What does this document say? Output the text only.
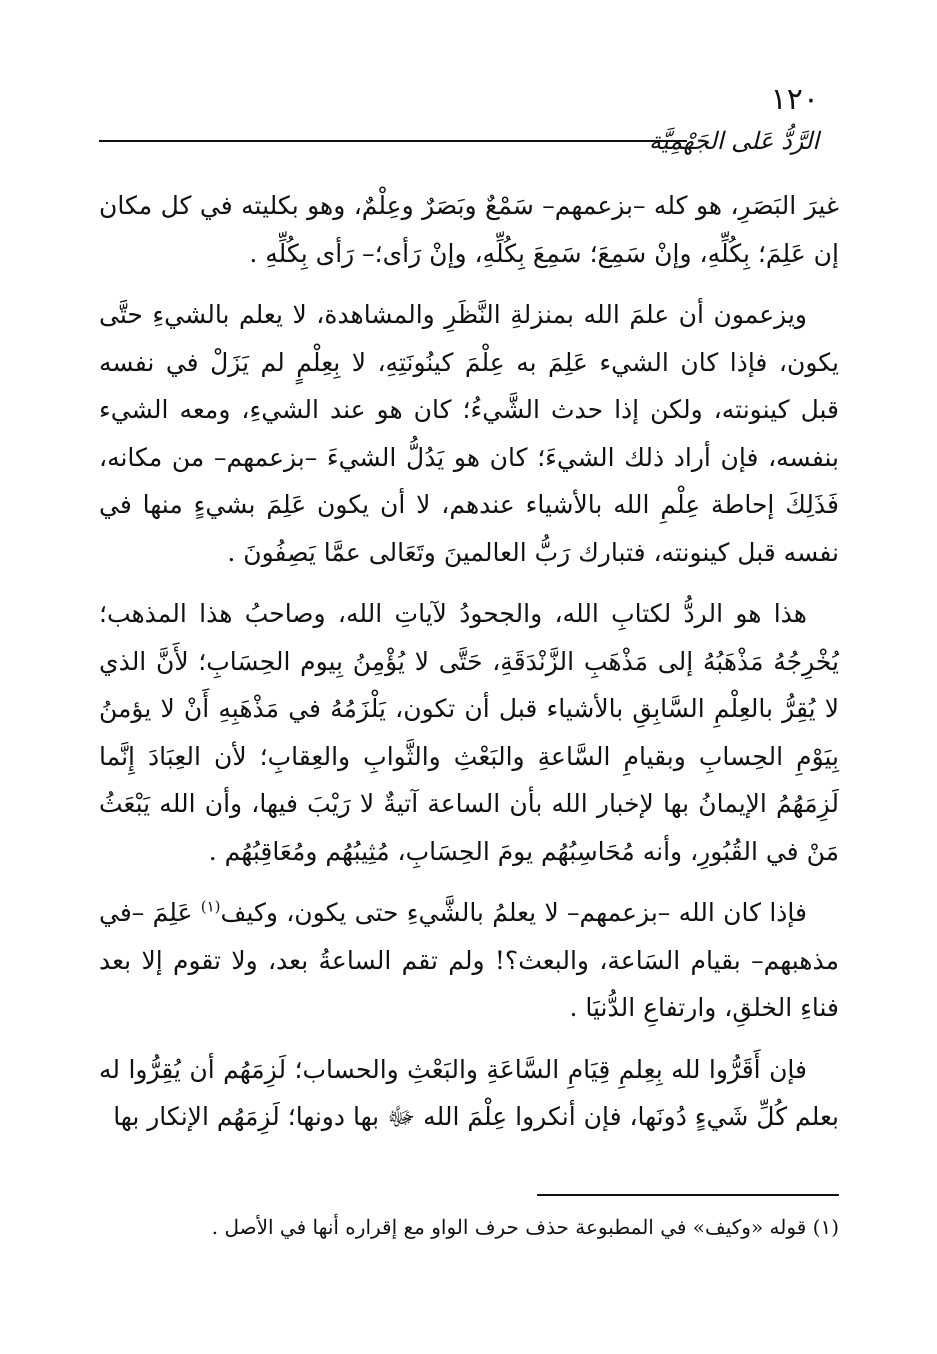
١٢٠
الرَّدُّ عَلى الجَهْمِيَّة

غيرَ البَصَرِ، هو كله –بزعمهم– سَمْعٌ وبَصَرٌ وعِلْمٌ، وهو بكليته في كل مكان إن عَلِمَ؛ بِكُلِّهِ، وإنْ سَمِعَ؛ سَمِعَ بِكُلِّهِ، وإنْ رَأى؛– رَأى بِكُلِّهِ .

ويزعمون أن علمَ الله بمنزلةِ النَّظَرِ والمشاهدة، لا يعلم بالشيءِ حتَّى يكون، فإذا كان الشيء عَلِمَ به عِلْمَ كينُونَتِهِ، لا بِعِلْمٍ لم يَزَلْ في نفسه قبل كينونته، ولكن إذا حدث الشَّيءُ؛ كان هو عند الشيءِ، ومعه الشيء بنفسه، فإن أراد ذلك الشيءَ؛ كان هو يَدُلُّ الشيءَ –بزعمهم– من مكانه، فَذَلِكَ إحاطة عِلْمِ الله بالأشياء عندهم، لا أن يكون عَلِمَ بشيءٍ منها في نفسه قبل كينونته، فتبارك رَبُّ العالمينَ وتَعَالى عمَّا يَصِفُونَ .

هذا هو الردُّ لكتابِ الله، والجحودُ لآياتِ الله، وصاحبُ هذا المذهب؛ يُخْرِجُهُ مَذْهَبُهُ إلى مَذْهَبِ الزَّنْدَقَةِ، حَتَّى لا يُؤْمِنُ بِيوم الحِسَابِ؛ لأَنَّ الذي لا يُقِرُّ بالعِلْمِ السَّابِقِ بالأشياء قبل أن تكون، يَلْزَمُهُ في مَذْهَبِهِ أَنْ لا يؤمنُ بِيَوْمِ الحِسابِ وبقيامِ السَّاعةِ والبَعْثِ والثَّوابِ والعِقابِ؛ لأن العِبَادَ إِنَّما لَزِمَهُمُ الإيمانُ بها لإخبار الله بأن الساعة آتيةٌ لا رَيْبَ فيها، وأن الله يَبْعَثُ مَنْ في القُبُورِ، وأنه مُحَاسِبُهُم يومَ الحِسَابِ، مُثِيبُهُم ومُعَاقِبُهُم .

فإذا كان الله –بزعمهم– لا يعلمُ بالشَّيءِ حتى يكون، وكيف$^{(١)}$ عَلِمَ –في مذهبهم– بقيام السَاعة، والبعث؟! ولم تقم الساعةُ بعد، ولا تقوم إلا بعد فناءِ الخلقِ، وارتفاعِ الدُّنيَا .

فإن أَقَرُّوا لله بِعِلمِ قِيَامِ السَّاعَةِ والبَعْثِ والحساب؛ لَزِمَهُم أن يُقِرُّوا له بعلم كُلِّ شَيءٍ دُونَها، فإن أنكروا عِلْمَ الله ﷻ بها دونها؛ لَزِمَهُم الإنكار بها

(١) قوله «وكيف» في المطبوعة حذف حرف الواو مع إقراره أنها في الأصل .
